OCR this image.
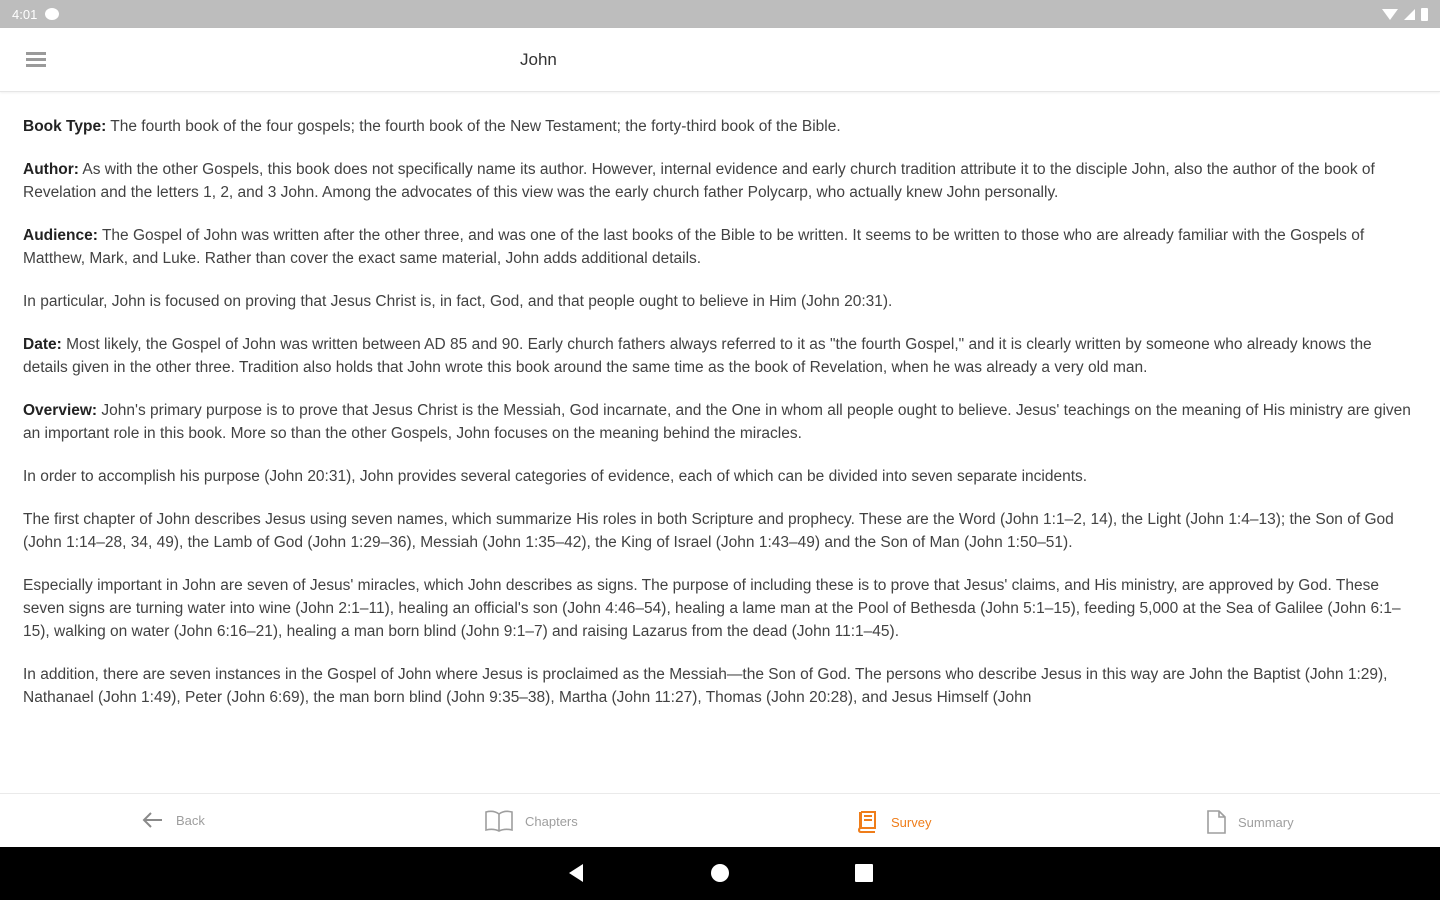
4:01
John

Book Type: The fourth book of the four gospels; the fourth book of the New Testament; the forty-third book of the Bible.

Author: As with the other Gospels, this book does not specifically name its author. However, internal evidence and early church tradition attribute it to the disciple John, also the author of the book of Revelation and the letters 1, 2, and 3 John. Among the advocates of this view was the early church father Polycarp, who actually knew John personally.

Audience: The Gospel of John was written after the other three, and was one of the last books of the Bible to be written. It seems to be written to those who are already familiar with the Gospels of Matthew, Mark, and Luke. Rather than cover the exact same material, John adds additional details.

In particular, John is focused on proving that Jesus Christ is, in fact, God, and that people ought to believe in Him (John 20:31).

Date: Most likely, the Gospel of John was written between AD 85 and 90. Early church fathers always referred to it as "the fourth Gospel," and it is clearly written by someone who already knows the details given in the other three. Tradition also holds that John wrote this book around the same time as the book of Revelation, when he was already a very old man.

Overview: John's primary purpose is to prove that Jesus Christ is the Messiah, God incarnate, and the One in whom all people ought to believe. Jesus' teachings on the meaning of His ministry are given an important role in this book. More so than the other Gospels, John focuses on the meaning behind the miracles.

In order to accomplish his purpose (John 20:31), John provides several categories of evidence, each of which can be divided into seven separate incidents.

The first chapter of John describes Jesus using seven names, which summarize His roles in both Scripture and prophecy. These are the Word (John 1:1–2, 14), the Light (John 1:4–13); the Son of God (John 1:14–28, 34, 49), the Lamb of God (John 1:29–36), Messiah (John 1:35–42), the King of Israel (John 1:43–49) and the Son of Man (John 1:50–51).

Especially important in John are seven of Jesus' miracles, which John describes as signs. The purpose of including these is to prove that Jesus' claims, and His ministry, are approved by God. These seven signs are turning water into wine (John 2:1–11), healing an official's son (John 4:46–54), healing a lame man at the Pool of Bethesda (John 5:1–15), feeding 5,000 at the Sea of Galilee (John 6:1–15), walking on water (John 6:16–21), healing a man born blind (John 9:1–7) and raising Lazarus from the dead (John 11:1–45).

In addition, there are seven instances in the Gospel of John where Jesus is proclaimed as the Messiah—the Son of God. The persons who describe Jesus in this way are John the Baptist (John 1:29), Nathanael (John 1:49), Peter (John 6:69), the man born blind (John 9:35–38), Martha (John 11:27), Thomas (John 20:28), and Jesus Himself (John

Back	Chapters	Survey	Summary
